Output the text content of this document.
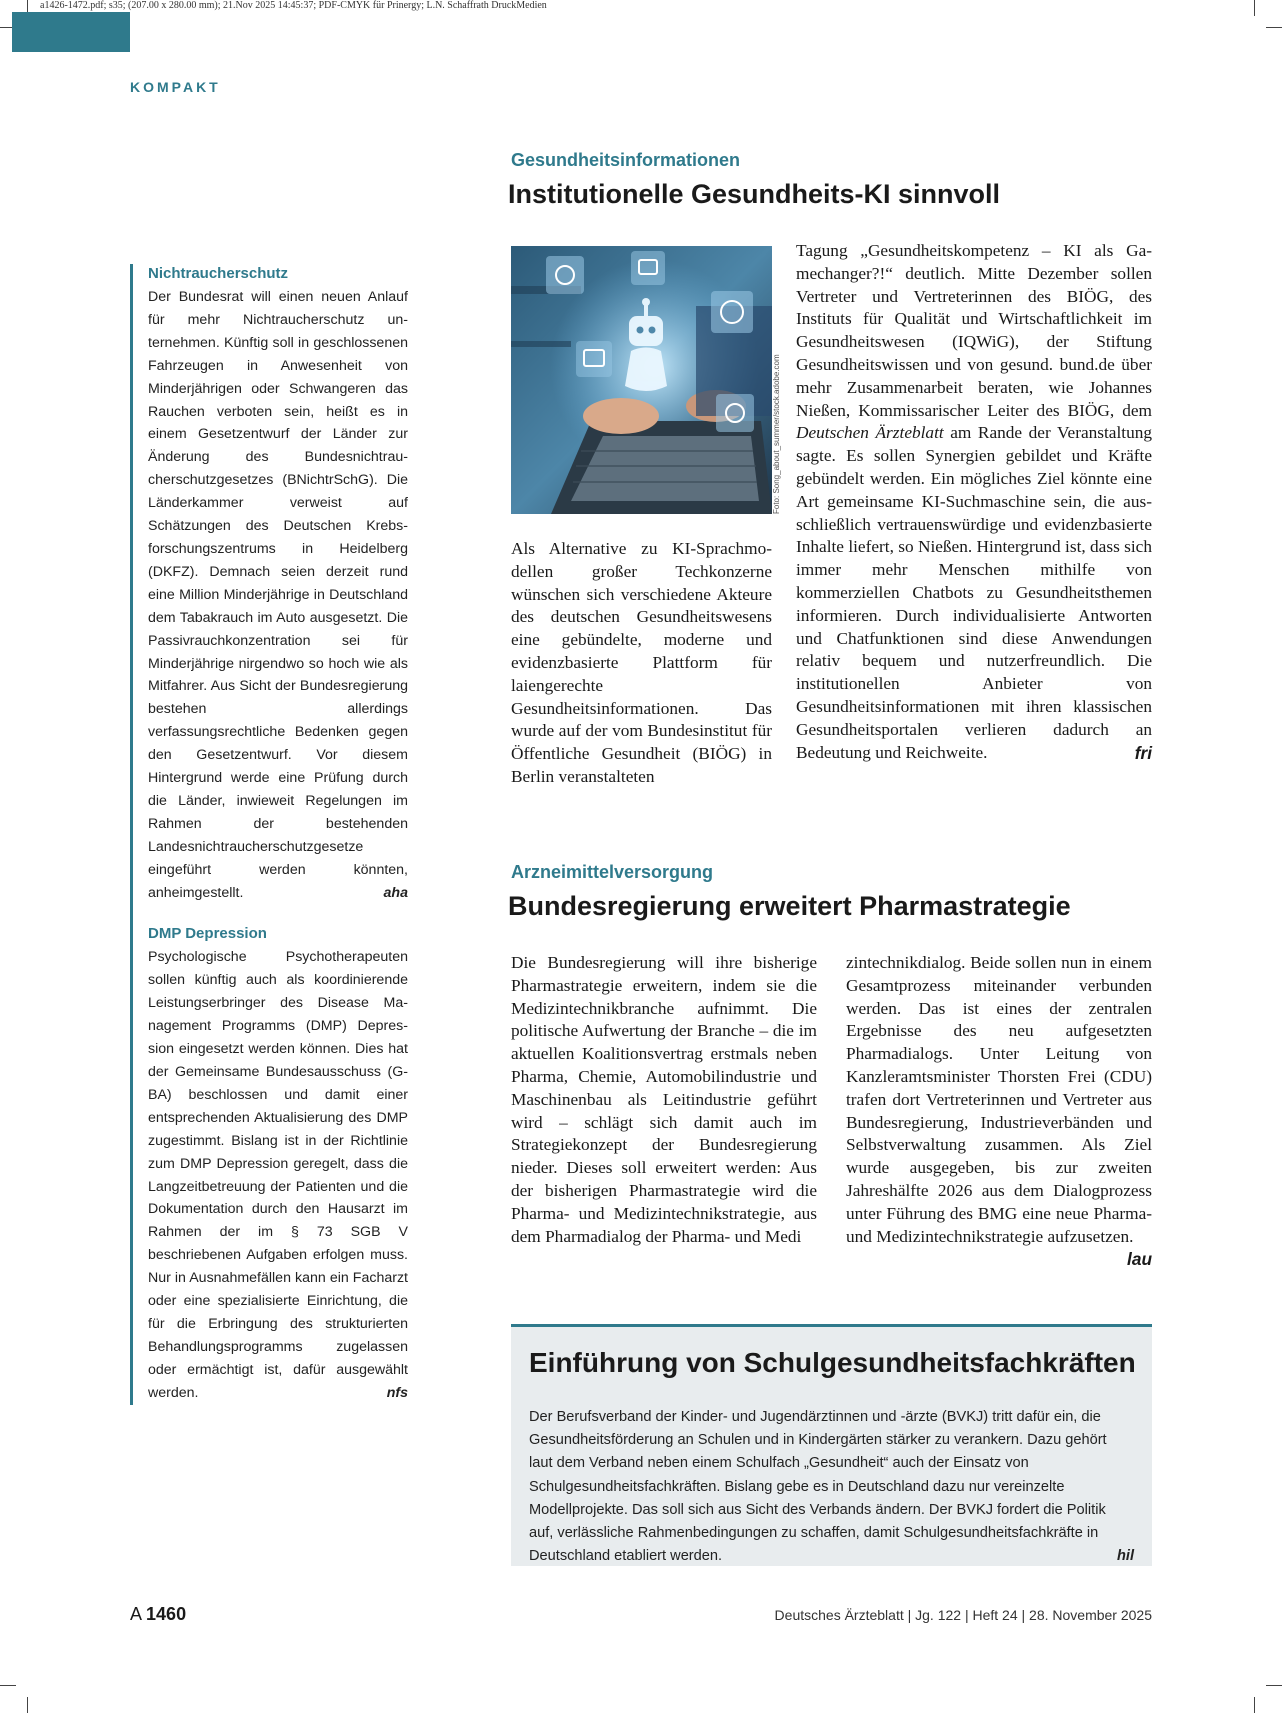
a1426-1472.pdf; s35; (207.00 x 280.00 mm); 21.Nov 2025 14:45:37; PDF-CMYK für Prinergy; L.N. Schaffrath DruckMedien
KOMPAKT
Nichtraucherschutz

Der Bundesrat will einen neuen Anlauf für mehr Nichtraucherschutz unternehmen. Künftig soll in geschlossenen Fahrzeugen in Anwesenheit von Minderjährigen oder Schwangeren das Rauchen verboten sein, heißt es in einem Gesetzentwurf der Länder zur Änderung des Bundesnichtraucherschutzgesetzes (BNichtrSchG). Die Länderkammer verweist auf Schätzungen des Deutschen Krebsforschungszentrums in Heidelberg (DKFZ). Demnach seien derzeit rund eine Million Minderjährige in Deutschland dem Tabakrauch im Auto ausgesetzt. Die Passivrauchkonzentration sei für Minderjährige nirgendwo so hoch wie als Mitfahrer. Aus Sicht der Bundesregierung bestehen allerdings verfassungsrechtliche Bedenken gegen den Gesetzentwurf. Vor diesem Hintergrund werde eine Prüfung durch die Länder, inwieweit Regelungen im Rahmen der bestehenden Landesnichtraucherschutzgesetze eingeführt werden könnten, anheimgestellt.	aha

DMP Depression

Psychologische Psychotherapeuten sollen künftig auch als koordinierende Leistungserbringer des Disease Management Programms (DMP) Depression eingesetzt werden können. Dies hat der Gemeinsame Bundesausschuss (G-BA) beschlossen und damit einer entsprechenden Aktualisierung des DMP zugestimmt. Bislang ist in der Richtlinie zum DMP Depression geregelt, dass die Langzeitbetreuung der Patienten und die Dokumentation durch den Hausarzt im Rahmen der im § 73 SGB V beschriebenen Aufgaben erfolgen muss. Nur in Ausnahmefällen kann ein Facharzt oder eine spezialisierte Einrichtung, die für die Erbringung des strukturierten Behandlungsprogramms zugelassen oder ermächtigt ist, dafür ausgewählt werden.	nfs

Gesundheitsinformationen
Institutionelle Gesundheits-KI sinnvoll
Foto: Song_about_summer/stock.adobe.com

Als Alternative zu KI-Sprachmodellen großer Techkonzerne wünschen sich verschiedene Akteure des deutschen Gesundheitswesens eine gebündelte, moderne und evidenzbasierte Plattform für laiengerechte Gesundheitsinformationen. Das wurde auf der vom Bundesinstitut für Öffentliche Gesundheit (BIÖG) in Berlin veranstalteten

Tagung „Gesundheitskompetenz – KI als Gamechanger?!“ deutlich. Mitte Dezember sollen Vertreter und Vertreterinnen des BIÖG, des Instituts für Qualität und Wirtschaftlichkeit im Gesundheitswesen (IQWiG), der Stiftung Gesundheitswissen und von gesund. bund.de über mehr Zusammenarbeit beraten, wie Johannes Nießen, Kommissarischer Leiter des BIÖG, dem Deutschen Ärzteblatt am Rande der Veranstaltung sagte. Es sollen Synergien gebildet und Kräfte gebündelt werden. Ein mögliches Ziel könnte eine Art gemeinsame KI-Suchmaschine sein, die ausschließlich vertrauenswürdige und evidenzbasierte Inhalte liefert, so Nießen. Hintergrund ist, dass sich immer mehr Menschen mithilfe von kommerziellen Chatbots zu Gesundheitsthemen informieren. Durch individualisierte Antworten und Chatfunktionen sind diese Anwendungen relativ bequem und nutzerfreundlich. Die institutionellen Anbieter von Gesundheitsinformationen mit ihren klassischen Gesundheitsportalen verlieren dadurch an Bedeutung und Reichweite.	fri

Arzneimittelversorgung
Bundesregierung erweitert Pharmastrategie

Die Bundesregierung will ihre bisherige Pharmastrategie erweitern, indem sie die Medizintechnikbranche aufnimmt. Die politische Aufwertung der Branche – die im aktuellen Koalitionsvertrag erstmals neben Pharma, Chemie, Automobilindustrie und Maschinenbau als Leitindustrie geführt wird – schlägt sich damit auch im Strategiekonzept der Bundesregierung nieder. Dieses soll erweitert werden: Aus der bisherigen Pharmastrategie wird die Pharma- und Medizintechnikstrategie, aus dem Pharmadialog der Pharma- und Medi

zintechnikdialog. Beide sollen nun in einem Gesamtprozess miteinander verbunden werden. Das ist eines der zentralen Ergebnisse des neu aufgesetzten Pharmadialogs. Unter Leitung von Kanzleramtsminister Thorsten Frei (CDU) trafen dort Vertreterinnen und Vertreter aus Bundesregierung, Industrieverbänden und Selbstverwaltung zusammen. Als Ziel wurde ausgegeben, bis zur zweiten Jahreshälfte 2026 aus dem Dialogprozess unter Führung des BMG eine neue Pharma- und Medizintechnikstrategie aufzusetzen.
lau

Einführung von Schulgesundheitsfachkräften

Der Berufsverband der Kinder- und Jugendärztinnen und -ärzte (BVKJ) tritt dafür ein, die Gesundheitsförderung an Schulen und in Kindergärten stärker zu verankern. Dazu gehört laut dem Verband neben einem Schulfach „Gesundheit“ auch der Einsatz von Schulgesundheitsfachkräften. Bislang gebe es in Deutschland dazu nur vereinzelte Modellprojekte. Das soll sich aus Sicht des Verbands ändern. Der BVKJ fordert die Politik auf, verlässliche Rahmenbedingungen zu schaffen, damit Schulgesundheitsfachkräfte in Deutschland etabliert werden.	hil

A 1460	Deutsches Ärzteblatt | Jg. 122 | Heft 24 | 28. November 2025
